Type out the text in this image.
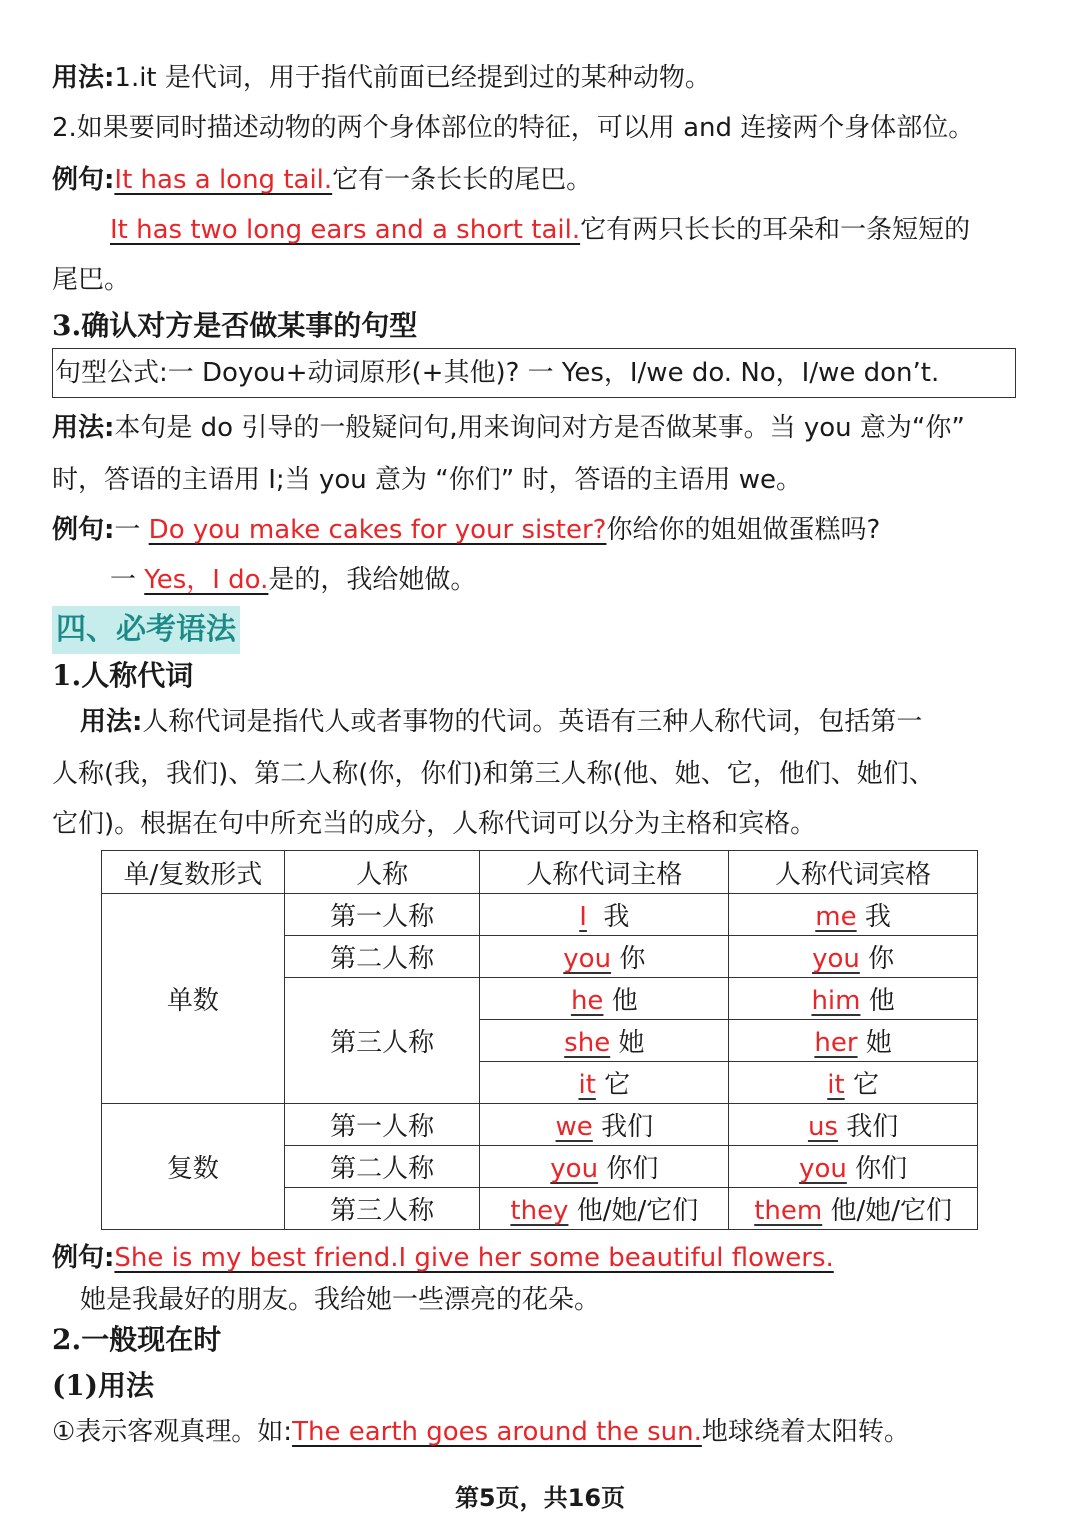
用法:1.it 是代词，用于指代前面已经提到过的某种动物。
2.如果要同时描述动物的两个身体部位的特征，可以用 and 连接两个身体部位。
例句:It has a long tail.它有一条长长的尾巴。
It has two long ears and a short tail.它有两只长长的耳朵和一条短短的
尾巴。
3.确认对方是否做某事的句型
句型公式:一 Doyou+动词原形(+其他)? 一 Yes，I/we do. No，I/we don’t.
用法:本句是 do 引导的一般疑问句,用来询问对方是否做某事。当 you 意为“你”
时，答语的主语用 I;当 you 意为 “你们” 时，答语的主语用 we。
例句:一 Do you make cakes for your sister?你给你的姐姐做蛋糕吗?
一 Yes，I do.是的，我给她做。
四、必考语法
1.人称代词
用法:人称代词是指代人或者事物的代词。英语有三种人称代词，包括第一
人称(我，我们)、第二人称(你，你们)和第三人称(他、她、它，他们、她们、
它们)。根据在句中所充当的成分，人称代词可以分为主格和宾格。
单/复数形式	人称	人称代词主格	人称代词宾格
单数	第一人称	I 我	me 我
	第二人称	you 你	you 你
	第三人称	he 他	him 他
		she 她	her 她
		it 它	it 它
复数	第一人称	we 我们	us 我们
	第二人称	you 你们	you 你们
	第三人称	they 他/她/它们	them 他/她/它们
例句:She is my best friend.I give her some beautiful flowers.
她是我最好的朋友。我给她一些漂亮的花朵。
2.一般现在时
(1)用法
①表示客观真理。如:The earth goes around the sun.地球绕着太阳转。
第5页，共16页
